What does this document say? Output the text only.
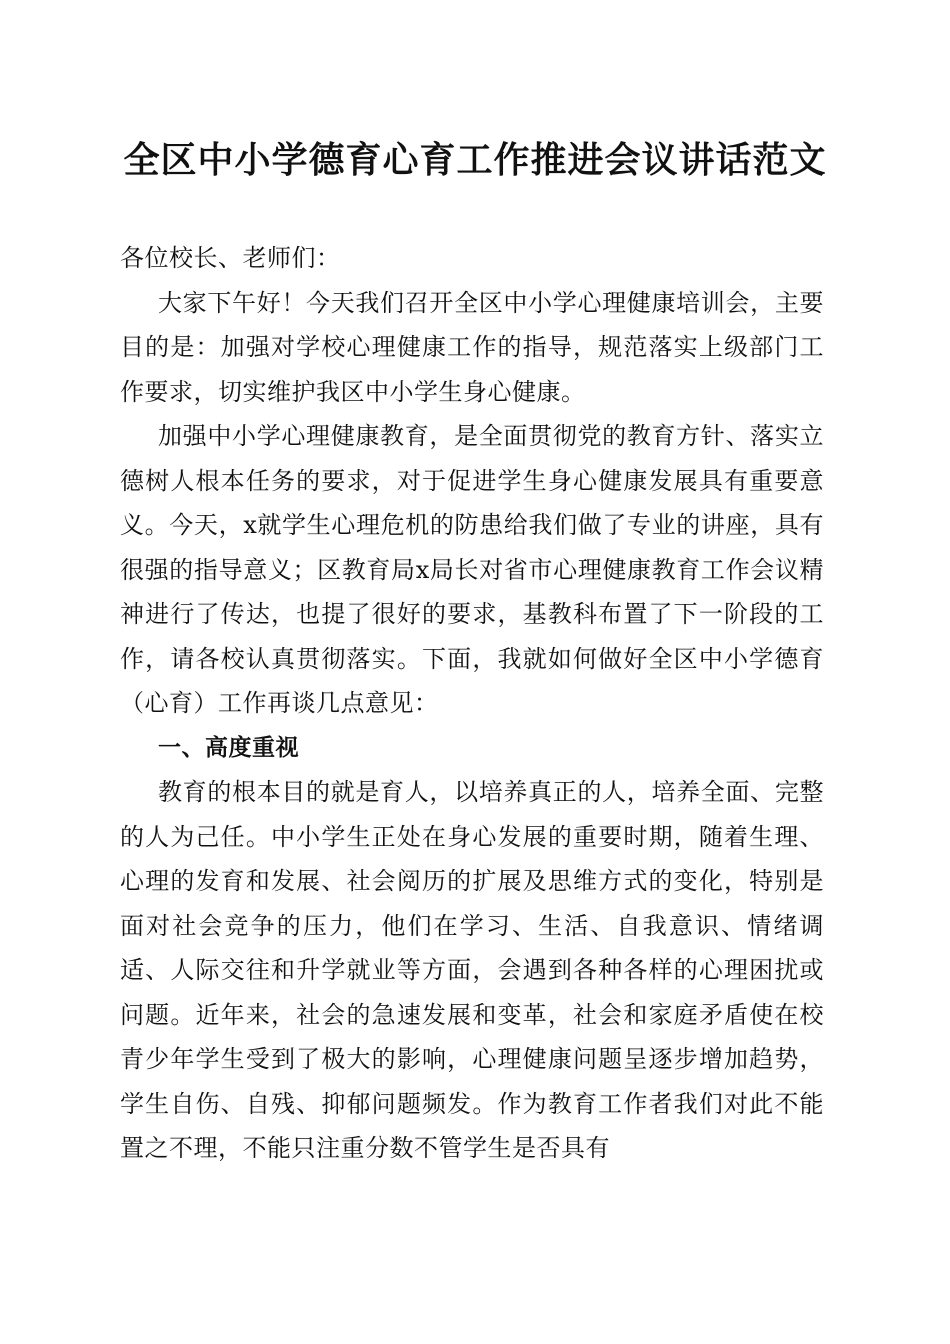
全区中小学德育心育工作推进会议讲话范文

各位校长、老师们：

大家下午好！今天我们召开全区中小学心理健康培训会，主要目的是：加强对学校心理健康工作的指导，规范落实上级部门工作要求，切实维护我区中小学生身心健康。

加强中小学心理健康教育，是全面贯彻党的教育方针、落实立德树人根本任务的要求，对于促进学生身心健康发展具有重要意义。今天，x就学生心理危机的防患给我们做了专业的讲座，具有很强的指导意义；区教育局x局长对省市心理健康教育工作会议精神进行了传达，也提了很好的要求，基教科布置了下一阶段的工作，请各校认真贯彻落实。下面，我就如何做好全区中小学德育（心育）工作再谈几点意见：

一、高度重视

教育的根本目的就是育人，以培养真正的人，培养全面、完整的人为己任。中小学生正处在身心发展的重要时期，随着生理、心理的发育和发展、社会阅历的扩展及思维方式的变化，特别是面对社会竞争的压力，他们在学习、生活、自我意识、情绪调适、人际交往和升学就业等方面，会遇到各种各样的心理困扰或问题。近年来，社会的急速发展和变革，社会和家庭矛盾使在校青少年学生受到了极大的影响，心理健康问题呈逐步增加趋势，学生自伤、自残、抑郁问题频发。作为教育工作者我们对此不能置之不理，不能只注重分数不管学生是否具有
